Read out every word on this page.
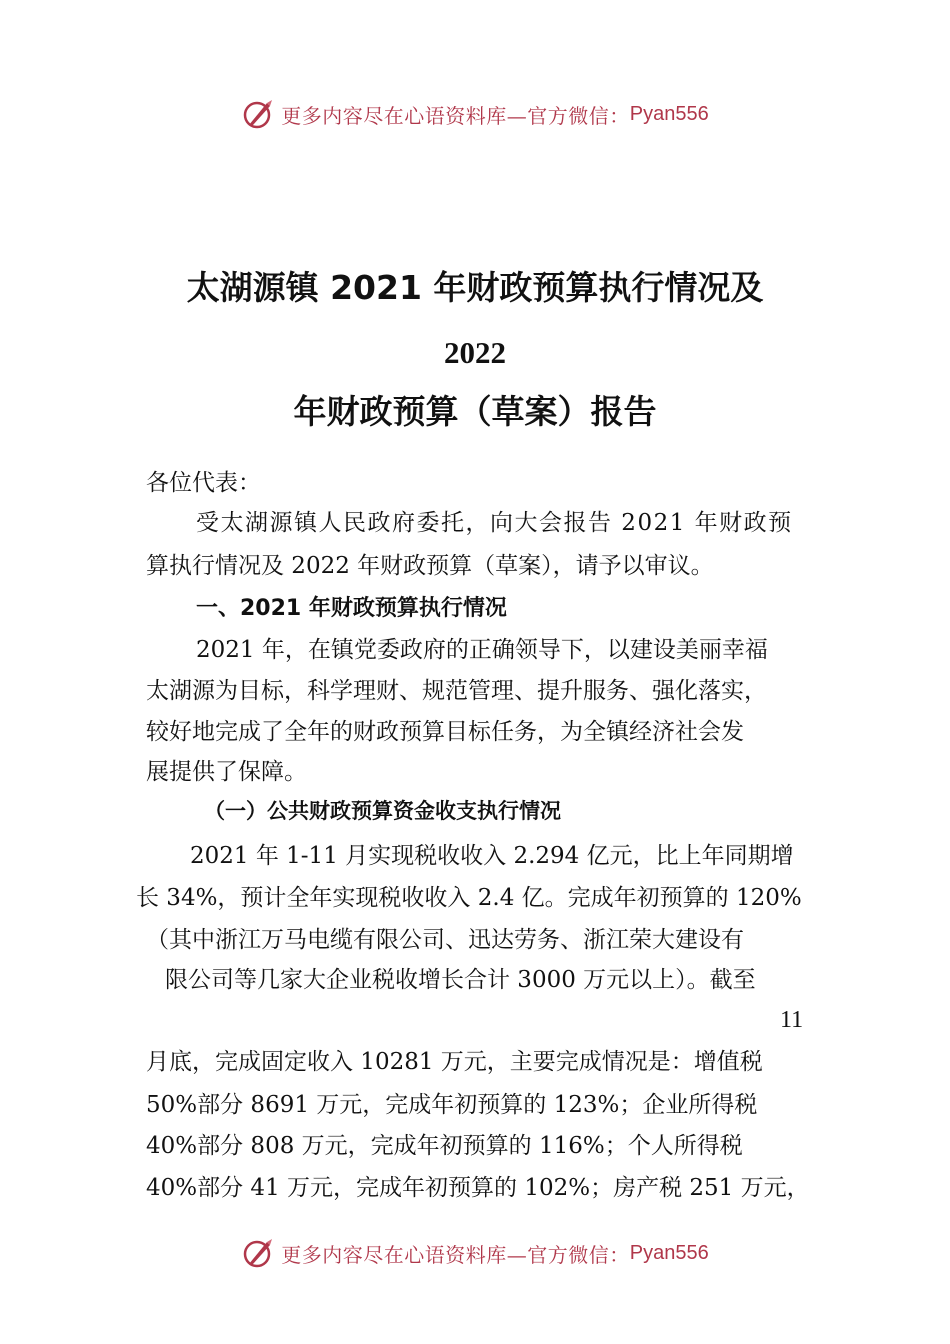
更多内容尽在心语资料库—官方微信： Pyan556
太湖源镇 2021 年财政预算执行情况及
2022
年财政预算（草案）报告
各位代表：
受太湖源镇人民政府委托，向大会报告 2021 年财政预
算执行情况及 2022 年财政预算（草案），请予以审议。
一、2021 年财政预算执行情况
2021 年，在镇党委政府的正确领导下，以建设美丽幸福
太湖源为目标，科学理财、规范管理、提升服务、强化落实，
较好地完成了全年的财政预算目标任务，为全镇经济社会发
展提供了保障。
（一）公共财政预算资金收支执行情况
2021 年 1-11 月实现税收收入 2.294 亿元，比上年同期增
长 34%，预计全年实现税收收入 2.4 亿。完成年初预算的 120%
（其中浙江万马电缆有限公司、迅达劳务、浙江荣大建设有
限公司等几家大企业税收增长合计 3000 万元以上）。截至
11
月底，完成固定收入 10281 万元，主要完成情况是：增值税
50%部分 8691 万元，完成年初预算的 123%；企业所得税
40%部分 808 万元，完成年初预算的 116%；个人所得税
40%部分 41 万元，完成年初预算的 102%；房产税 251 万元，
更多内容尽在心语资料库—官方微信： Pyan556
